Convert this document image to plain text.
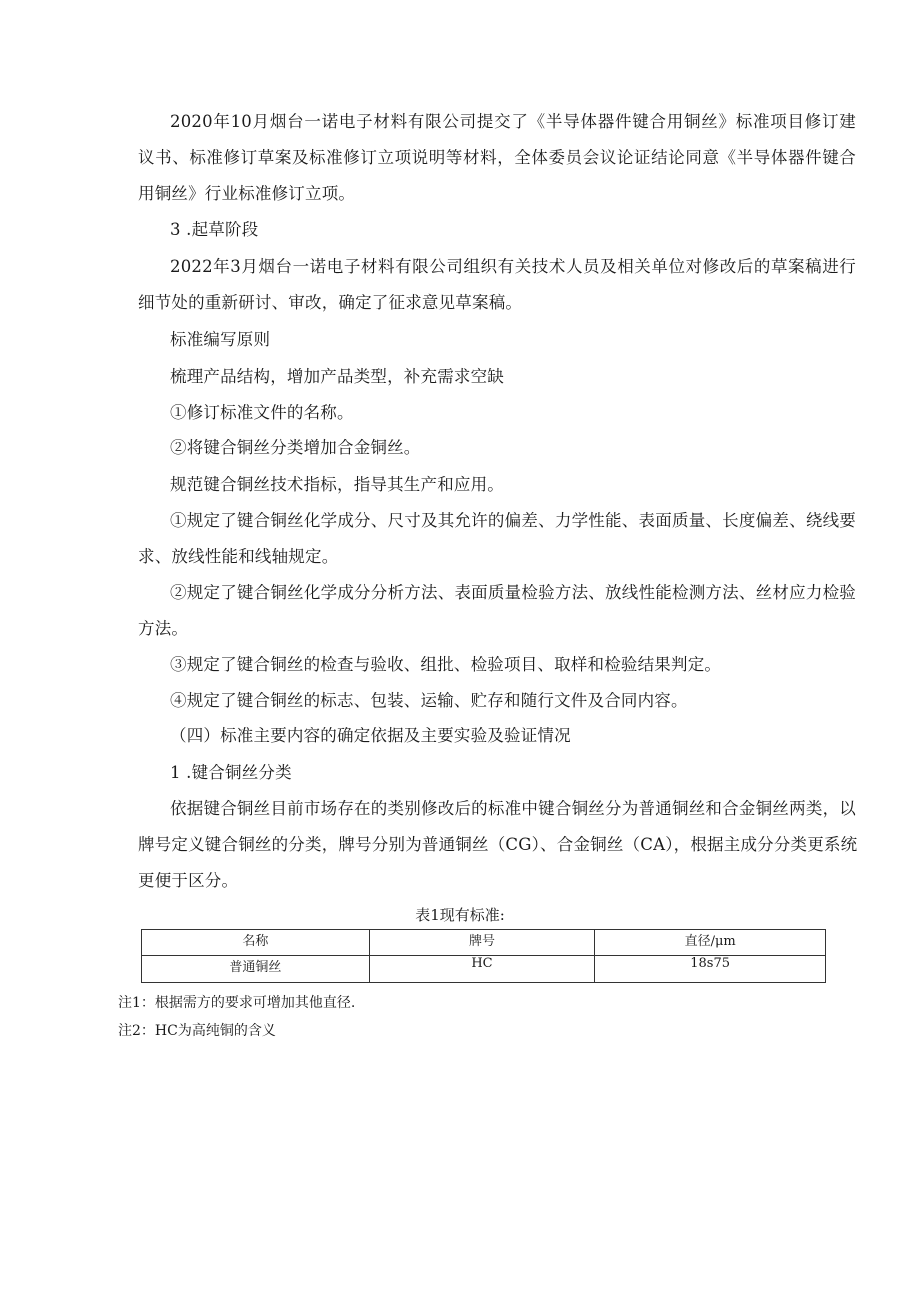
2020年10月烟台一诺电子材料有限公司提交了《半导体器件键合用铜丝》标准项目修订建
议书、标准修订草案及标准修订立项说明等材料，全体委员会议论证结论同意《半导体器件键合
用铜丝》行业标准修订立项。
3 .起草阶段
2022年3月烟台一诺电子材料有限公司组织有关技术人员及相关单位对修改后的草案稿进行
细节处的重新研讨、审改，确定了征求意见草案稿。
标准编写原则
梳理产品结构，增加产品类型，补充需求空缺
①修订标准文件的名称。
②将键合铜丝分类增加合金铜丝。
规范键合铜丝技术指标，指导其生产和应用。
①规定了键合铜丝化学成分、尺寸及其允许的偏差、力学性能、表面质量、长度偏差、绕线要
求、放线性能和线轴规定。
②规定了键合铜丝化学成分分析方法、表面质量检验方法、放线性能检测方法、丝材应力检验
方法。
③规定了键合铜丝的检查与验收、组批、检验项目、取样和检验结果判定。
④规定了键合铜丝的标志、包装、运输、贮存和随行文件及合同内容。
（四）标准主要内容的确定依据及主要实验及验证情况
1 .键合铜丝分类
依据键合铜丝目前市场存在的类别修改后的标准中键合铜丝分为普通铜丝和合金铜丝两类，以
牌号定义键合铜丝的分类，牌号分别为普通铜丝（CG）、合金铜丝（CA），根据主成分分类更系统
更便于区分。
表1现有标准:
名称	牌号	直径/μm
普通铜丝	HC	18s75
注1：根据需方的要求可增加其他直径.
注2：HC为高纯铜的含义
